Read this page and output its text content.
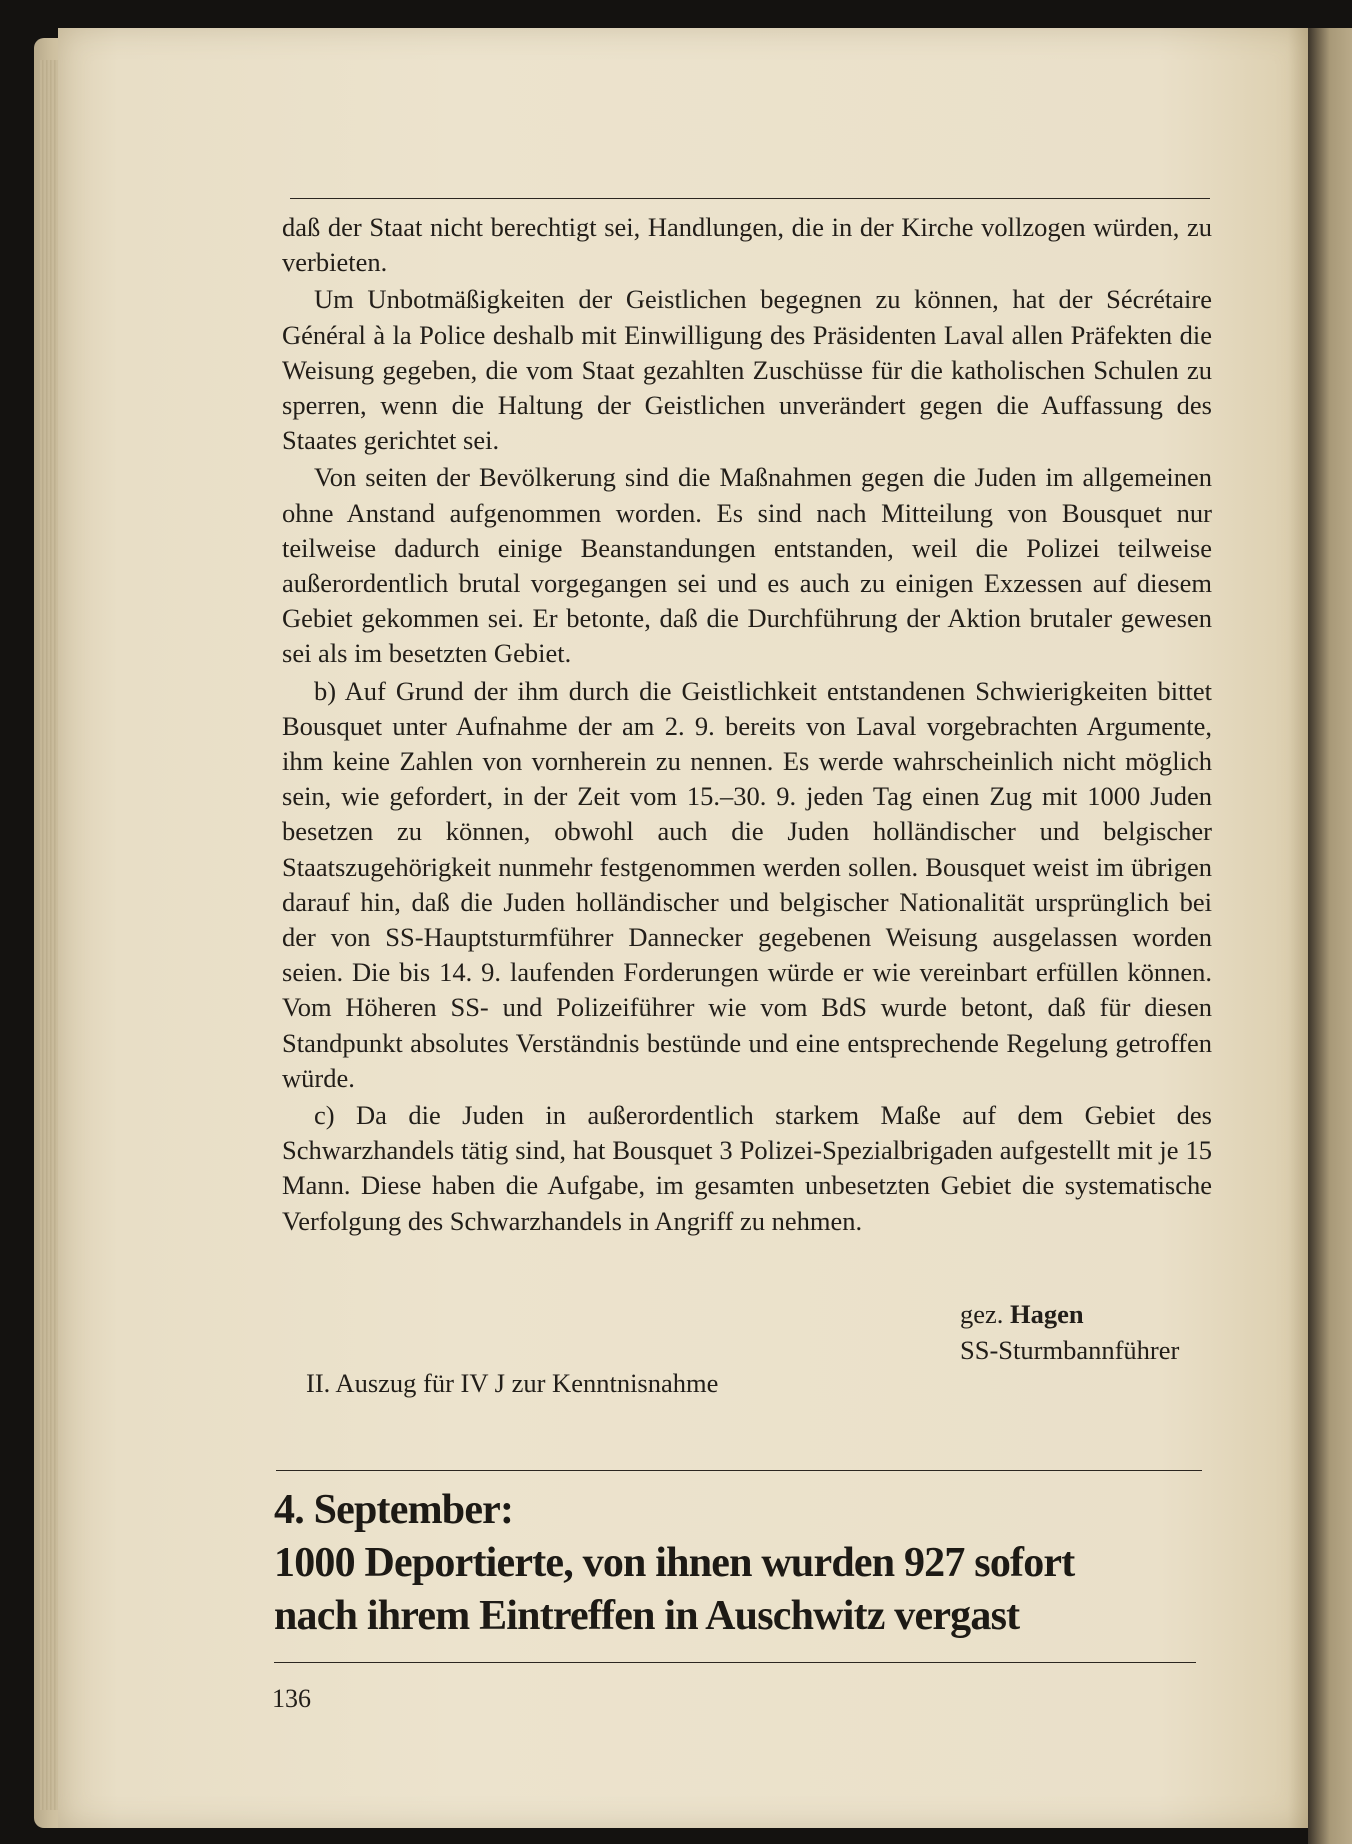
daß der Staat nicht berechtigt sei, Handlungen, die in der Kirche vollzogen würden, zu verbieten.

Um Unbotmäßigkeiten der Geistlichen begegnen zu können, hat der Sécrétaire Général à la Police deshalb mit Einwilligung des Präsidenten Laval allen Präfekten die Weisung gegeben, die vom Staat gezahlten Zuschüsse für die katholischen Schulen zu sperren, wenn die Haltung der Geistlichen unverändert gegen die Auffassung des Staates gerichtet sei.

Von seiten der Bevölkerung sind die Maßnahmen gegen die Juden im allgemeinen ohne Anstand aufgenommen worden. Es sind nach Mitteilung von Bousquet nur teilweise dadurch einige Beanstandungen entstanden, weil die Polizei teilweise außerordentlich brutal vorgegangen sei und es auch zu einigen Exzessen auf diesem Gebiet gekommen sei. Er betonte, daß die Durchführung der Aktion brutaler gewesen sei als im besetzten Gebiet.

b) Auf Grund der ihm durch die Geistlichkeit entstandenen Schwierigkeiten bittet Bousquet unter Aufnahme der am 2. 9. bereits von Laval vorgebrachten Argumente, ihm keine Zahlen von vornherein zu nennen. Es werde wahrscheinlich nicht möglich sein, wie gefordert, in der Zeit vom 15.–30. 9. jeden Tag einen Zug mit 1000 Juden besetzen zu können, obwohl auch die Juden holländischer und belgischer Staatszugehörigkeit nunmehr festgenommen werden sollen. Bousquet weist im übrigen darauf hin, daß die Juden holländischer und belgischer Nationalität ursprünglich bei der von SS-Hauptsturmführer Dannecker gegebenen Weisung ausgelassen worden seien. Die bis 14. 9. laufenden Forderungen würde er wie vereinbart erfüllen können. Vom Höheren SS- und Polizeiführer wie vom BdS wurde betont, daß für diesen Standpunkt absolutes Verständnis bestünde und eine entsprechende Regelung getroffen würde.

c) Da die Juden in außerordentlich starkem Maße auf dem Gebiet des Schwarzhandels tätig sind, hat Bousquet 3 Polizei-Spezialbrigaden aufgestellt mit je 15 Mann. Diese haben die Aufgabe, im gesamten unbesetzten Gebiet die systematische Verfolgung des Schwarzhandels in Angriff zu nehmen.

gez. Hagen
SS-Sturmbannführer
II. Auszug für IV J zur Kenntnisnahme
4. September:
1000 Deportierte, von ihnen wurden 927 sofort
nach ihrem Eintreffen in Auschwitz vergast
136
